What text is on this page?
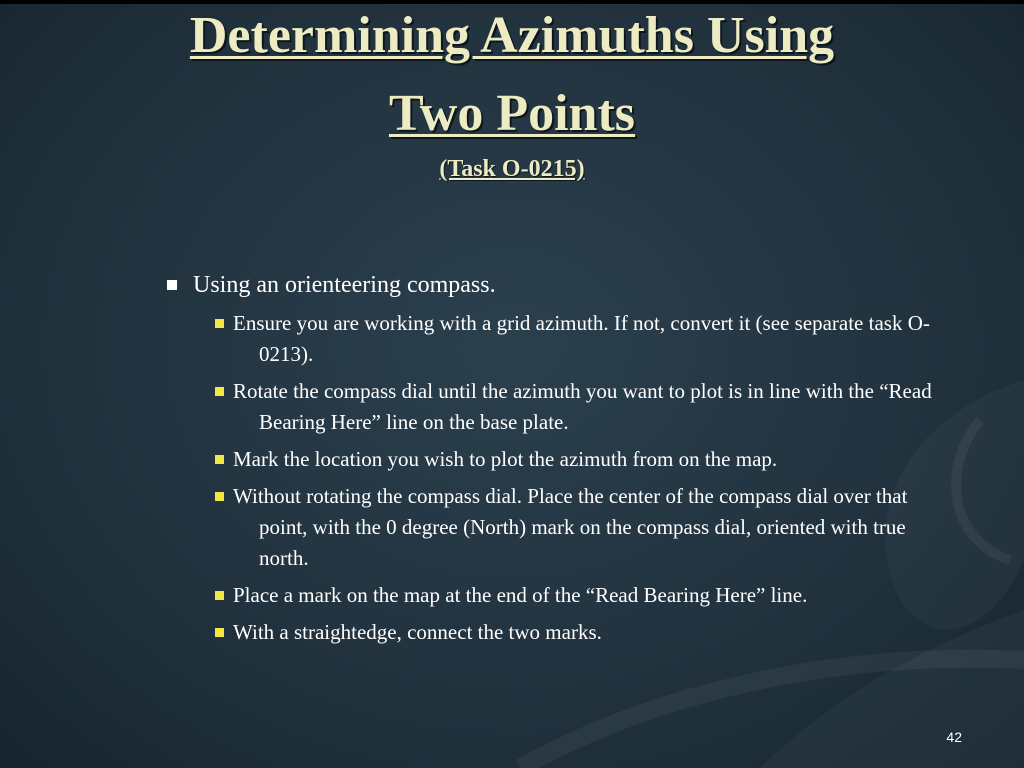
Determining Azimuths Using
Two Points
(Task O-0215)
Using an orienteering compass.
Ensure you are working with a grid azimuth. If not, convert it (see separate task O-0213).
Rotate the compass dial until the azimuth you want to plot is in line with the “Read Bearing Here” line on the base plate.
Mark the location you wish to plot the azimuth from on the map.
Without rotating the compass dial. Place the center of the compass dial over that point, with the 0 degree (North) mark on the compass dial, oriented with true north.
Place a mark on the map at the end of the “Read Bearing Here” line.
With a straightedge, connect the two marks.
42
